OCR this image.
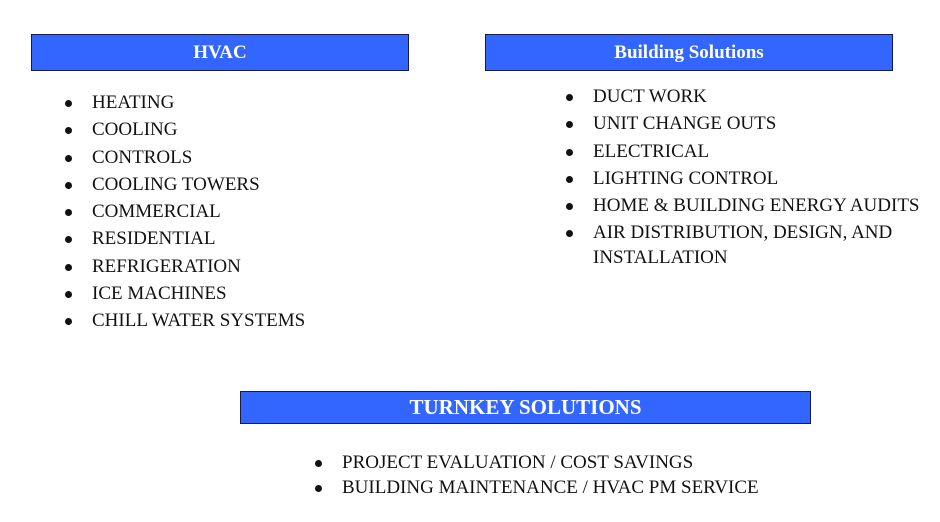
HVAC
HEATING
COOLING
CONTROLS
COOLING TOWERS
COMMERCIAL
RESIDENTIAL
REFRIGERATION
ICE MACHINES
CHILL WATER SYSTEMS
Building Solutions
DUCT WORK
UNIT CHANGE OUTS
ELECTRICAL
LIGHTING CONTROL
HOME & BUILDING ENERGY AUDITS
AIR DISTRIBUTION, DESIGN, AND INSTALLATION
TURNKEY SOLUTIONS
PROJECT EVALUATION / COST SAVINGS
BUILDING MAINTENANCE / HVAC PM SERVICE
